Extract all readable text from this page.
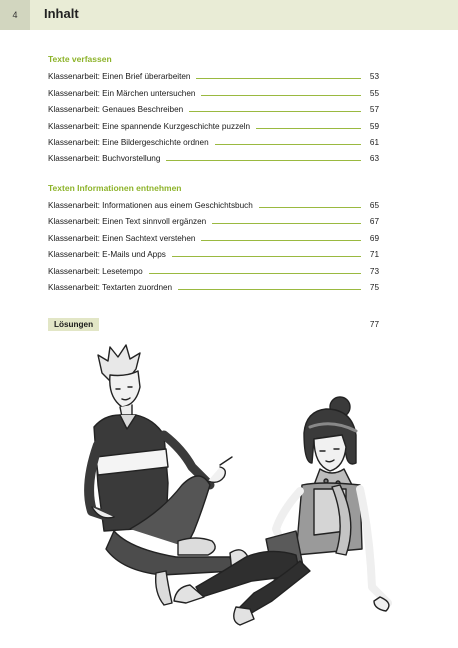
4	Inhalt
Texte verfassen
Klassenarbeit: Einen Brief überarbeiten	53
Klassenarbeit: Ein Märchen untersuchen	55
Klassenarbeit: Genaues Beschreiben	57
Klassenarbeit: Eine spannende Kurzgeschichte puzzeln	59
Klassenarbeit: Eine Bildergeschichte ordnen	61
Klassenarbeit: Buchvorstellung	63
Texten Informationen entnehmen
Klassenarbeit: Informationen aus einem Geschichtsbuch	65
Klassenarbeit: Einen Text sinnvoll ergänzen	67
Klassenarbeit: Einen Sachtext verstehen	69
Klassenarbeit: E-Mails und Apps	71
Klassenarbeit: Lesetempo	73
Klassenarbeit: Textarten zuordnen	75
Lösungen	77
